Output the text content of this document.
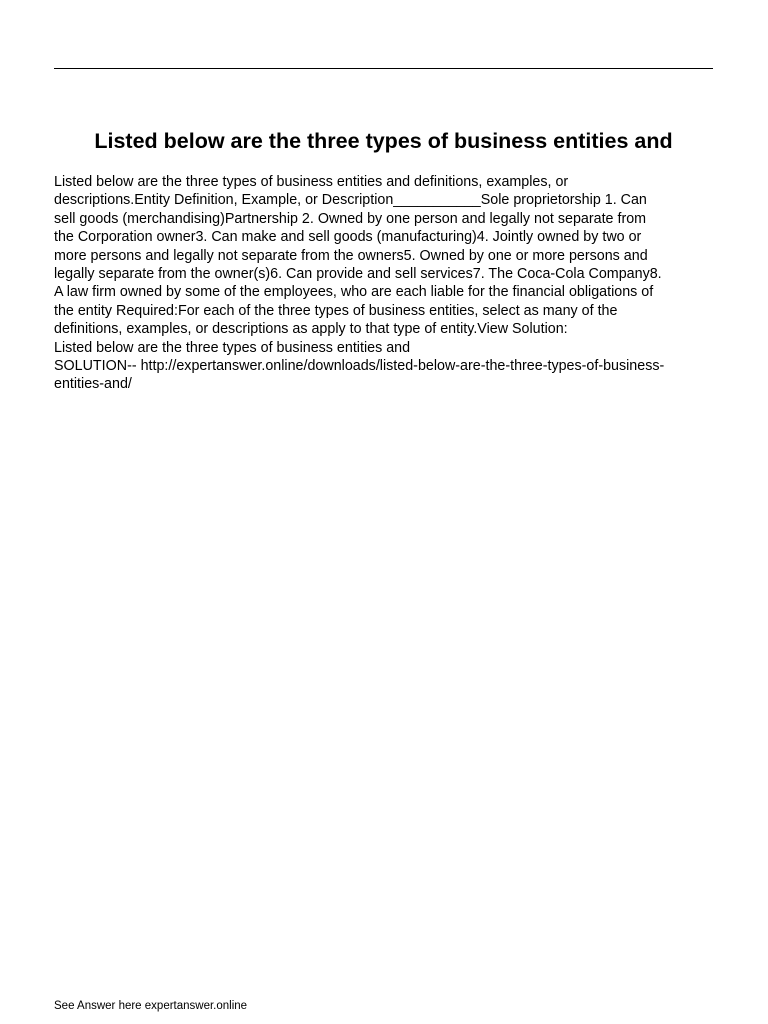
Listed below are the three types of business entities and
Listed below are the three types of business entities and definitions, examples, or
descriptions.Entity Definition, Example, or Description___________Sole proprietorship 1. Can
sell goods (merchandising)Partnership 2. Owned by one person and legally not separate from
the Corporation owner3. Can make and sell goods (manufacturing)4. Jointly owned by two or
more persons and legally not separate from the owners5. Owned by one or more persons and
legally separate from the owner(s)6. Can provide and sell services7. The Coca-Cola Company8.
A law firm owned by some of the employees, who are each liable for the financial obligations of
the entity Required:For each of the three types of business entities, select as many of the
definitions, examples, or descriptions as apply to that type of entity.View Solution:
Listed below are the three types of business entities and
SOLUTION-- http://expertanswer.online/downloads/listed-below-are-the-three-types-of-business-
entities-and/

See Answer here expertanswer.online
